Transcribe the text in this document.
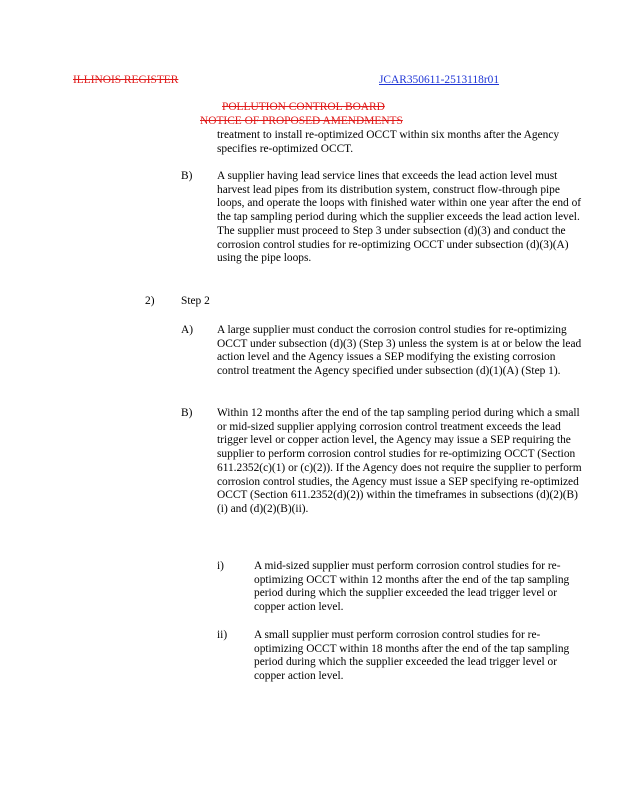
ILLINOIS REGISTER	JCAR350611-2513118r01
POLLUTION CONTROL BOARD
NOTICE OF PROPOSED AMENDMENTS

treatment to install re-optimized OCCT within six months after the Agency specifies re-optimized OCCT.

B) A supplier having lead service lines that exceeds the lead action level must harvest lead pipes from its distribution system, construct flow-through pipe loops, and operate the loops with finished water within one year after the end of the tap sampling period during which the supplier exceeds the lead action level. The supplier must proceed to Step 3 under subsection (d)(3) and conduct the corrosion control studies for re-optimizing OCCT under subsection (d)(3)(A) using the pipe loops.

2) Step 2
A) A large supplier must conduct the corrosion control studies for re-optimizing OCCT under subsection (d)(3) (Step 3) unless the system is at or below the lead action level and the Agency issues a SEP modifying the existing corrosion control treatment the Agency specified under subsection (d)(1)(A) (Step 1).

B) Within 12 months after the end of the tap sampling period during which a small or mid-sized supplier applying corrosion control treatment exceeds the lead trigger level or copper action level, the Agency may issue a SEP requiring the supplier to perform corrosion control studies for re-optimizing OCCT (Section 611.2352(c)(1) or (c)(2)). If the Agency does not require the supplier to perform corrosion control studies, the Agency must issue a SEP specifying re-optimized OCCT (Section 611.2352(d)(2)) within the timeframes in subsections (d)(2)(B)(i) and (d)(2)(B)(ii).

i)	A mid-sized supplier must perform corrosion control studies for re-optimizing OCCT within 12 months after the end of the tap sampling period during which the supplier exceeded the lead trigger level or copper action level.

ii) A small supplier must perform corrosion control studies for re-optimizing OCCT within 18 months after the end of the tap sampling period during which the supplier exceeded the lead trigger level or copper action level.
